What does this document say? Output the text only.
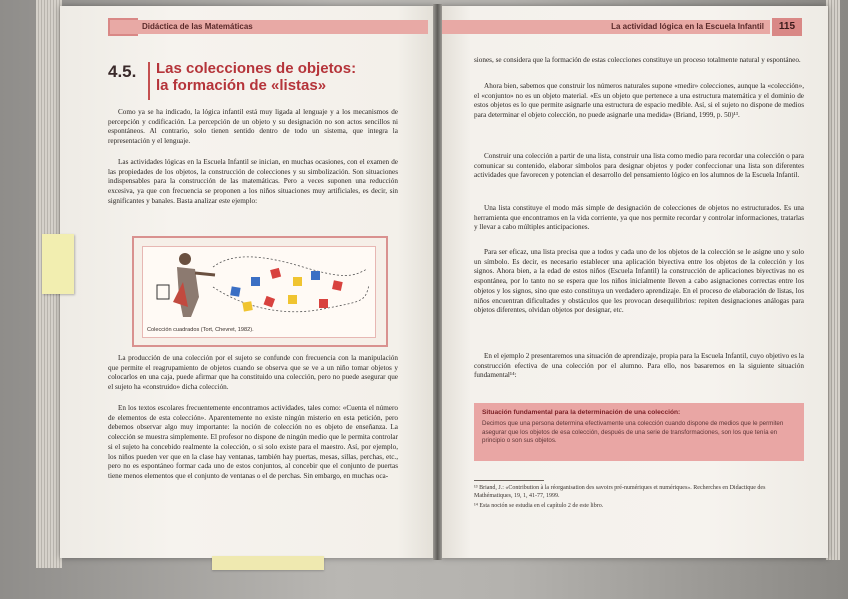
Didáctica de las Matemáticas
4.5. Las colecciones de objetos:
la formación de «listas»

Como ya se ha indicado, la lógica infantil está muy ligada al lenguaje y a los mecanismos de percepción y codificación. La percepción de un objeto y su designación no son actos sencillos ni espontáneos. Al contrario, solo tienen sentido dentro de todo un sistema, que integra la representación y el lenguaje.

Las actividades lógicas en la Escuela Infantil se inician, en muchas ocasiones, con el examen de las propiedades de los objetos, la construcción de colecciones y su simbolización. Son situaciones indispensables para la construcción de las matemáticas. Pero a veces suponen una reducción excesiva, ya que con frecuencia se proponen a los niños situaciones muy artificiales, es decir, sin significantes y banales. Basta analizar este ejemplo:

Colección cuadrados (Tort, Chevret, 1982).

La producción de una colección por el sujeto se confunde con frecuencia con la manipulación que permite el reagrupamiento de objetos cuando se observa que se ve a un niño tomar objetos y colocarlos en una caja, puede afirmar que ha constituido una colección, pero no puede asegurar que el sujeto ha «construido» dicha colección.

En los textos escolares frecuentemente encontramos actividades, tales como: «Cuenta el número de elementos de esta colección». Aparentemente no existe ningún misterio en esta petición, pero debemos observar algo muy importante: la noción de colección no es objeto de enseñanza. La colección se muestra simplemente. El profesor no dispone de ningún medio que le permita controlar si el sujeto ha concebido realmente la colección, o si solo existe para el maestro. Así, por ejemplo, los niños pueden ver que en la clase hay ventanas, también hay puertas, mesas, sillas, perchas, etc., pero no es espontáneo formar cada uno de estos conjuntos, al concebir que el conjunto de puertas tiene menos elementos que el conjunto de ventanas o el de perchas. Sin embargo, en muchas oca-

La actividad lógica en la Escuela Infantil	115

siones, se considera que la formación de estas colecciones constituye un proceso totalmente natural y espontáneo.

Ahora bien, sabemos que construir los números naturales supone «medir» colecciones, aunque la «colección», el «conjunto» no es un objeto material. «Es un objeto que pertenece a una estructura matemática y el dominio de estos objetos es lo que permite asignarle una estructura de espacio medible. Así, si el sujeto no dispone de medios para determinar el objeto colección, no puede asignarle una medida» (Briand, 1999, p. 50)¹³.

Construir una colección a partir de una lista, construir una lista como medio para recordar una colección o para comunicar su contenido, elaborar símbolos para designar objetos y poder confeccionar una lista son diferentes actividades que favorecen y potencian el desarrollo del pensamiento lógico en los alumnos de la Escuela Infantil.

Una lista constituye el modo más simple de designación de colecciones de objetos no estructurados. Es una herramienta que encontramos en la vida corriente, ya que nos permite recordar y controlar informaciones, tratarlas y llevar a cabo múltiples anticipaciones.

Para ser eficaz, una lista precisa que a todos y cada uno de los objetos de la colección se le asigne uno y solo un símbolo. Es decir, es necesario establecer una aplicación biyectiva entre los objetos de la colección y los signos. Ahora bien, a la edad de estos niños (Escuela Infantil) la construcción de aplicaciones biyectivas no es espontánea, por lo tanto no se espera que los niños inicialmente lleven a cabo asignaciones correctas entre los objetos y los signos, sino que esto constituya un verdadero aprendizaje. En el proceso de elaboración de listas, los niños encuentran dificultades y obstáculos que les provocan desequilibrios: repiten designaciones análogas para objetos diferentes, olvidan objetos por designar, etc.

En el ejemplo 2 presentaremos una situación de aprendizaje, propia para la Escuela Infantil, cuyo objetivo es la construcción efectiva de una colección por el alumno. Para ello, nos basaremos en la siguiente situación fundamental¹⁴:

Situación fundamental para la determinación de una colección:
Decimos que una persona determina efectivamente una colección cuando dispone de medios que le permiten asegurar que los objetos de esa colección, después de una serie de transformaciones, son los que tenía en principio o son sus objetos.
¹³ Briand, J.: «Contribution à la réorganisation des savoirs pré-numériques et numériques». Recherches en Didactique des Mathématiques, 19, 1, 41-77, 1999.
¹⁴ Esta noción se estudia en el capítulo 2 de este libro.
